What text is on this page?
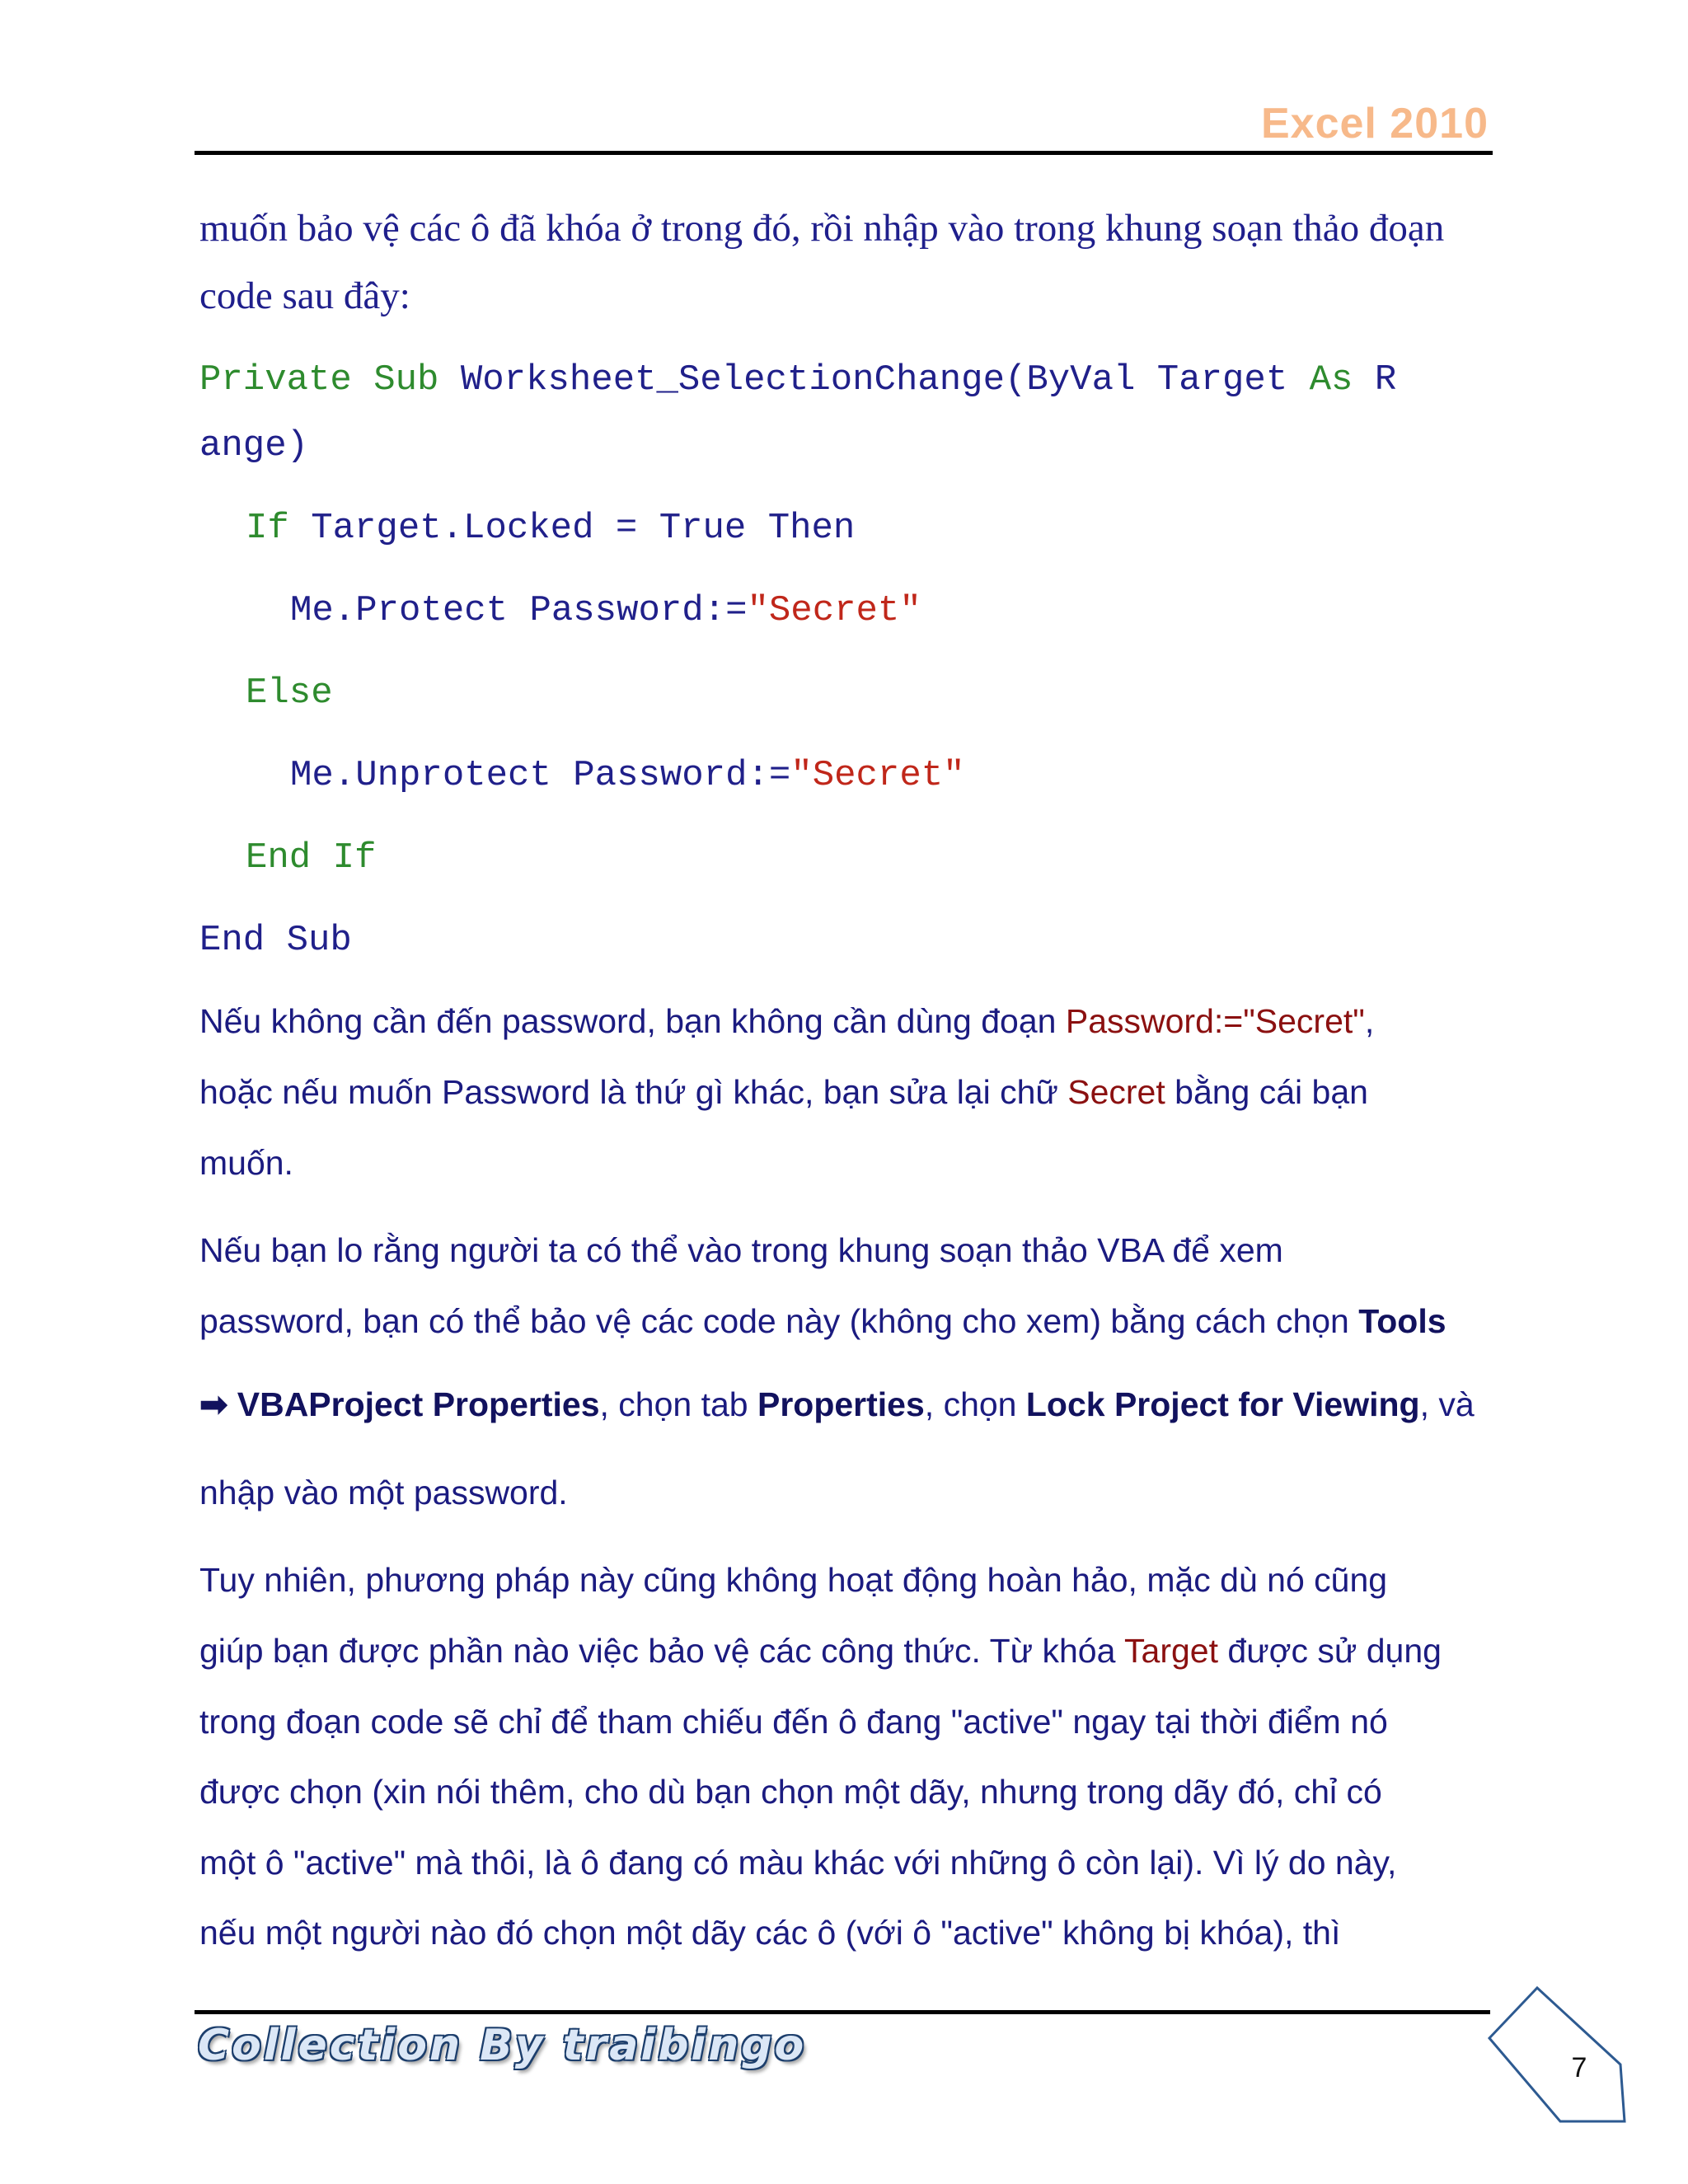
Excel 2010
muốn bảo vệ các ô đã khóa ở trong đó, rồi nhập vào trong khung soạn thảo đoạn
code sau đây:
Private Sub Worksheet_SelectionChange(ByVal Target As R
ange)
If Target.Locked = True Then
Me.Protect Password:="Secret"
Else
Me.Unprotect Password:="Secret"
End If
End Sub
Nếu không cần đến password, bạn không cần dùng đoạn Password:="Secret",
hoặc nếu muốn Password là thứ gì khác, bạn sửa lại chữ Secret bằng cái bạn
muốn.
Nếu bạn lo rằng người ta có thể vào trong khung soạn thảo VBA để xem
password, bạn có thể bảo vệ các code này (không cho xem) bằng cách chọn Tools
➡ VBAProject Properties, chọn tab Properties, chọn Lock Project for Viewing, và
nhập vào một password.
Tuy nhiên, phương pháp này cũng không hoạt động hoàn hảo, mặc dù nó cũng
giúp bạn được phần nào việc bảo vệ các công thức. Từ khóa Target được sử dụng
trong đoạn code sẽ chỉ để tham chiếu đến ô đang "active" ngay tại thời điểm nó
được chọn (xin nói thêm, cho dù bạn chọn một dãy, nhưng trong dãy đó, chỉ có
một ô "active" mà thôi, là ô đang có màu khác với những ô còn lại). Vì lý do này,
nếu một người nào đó chọn một dãy các ô (với ô "active" không bị khóa), thì
Collection By traibingo	7
